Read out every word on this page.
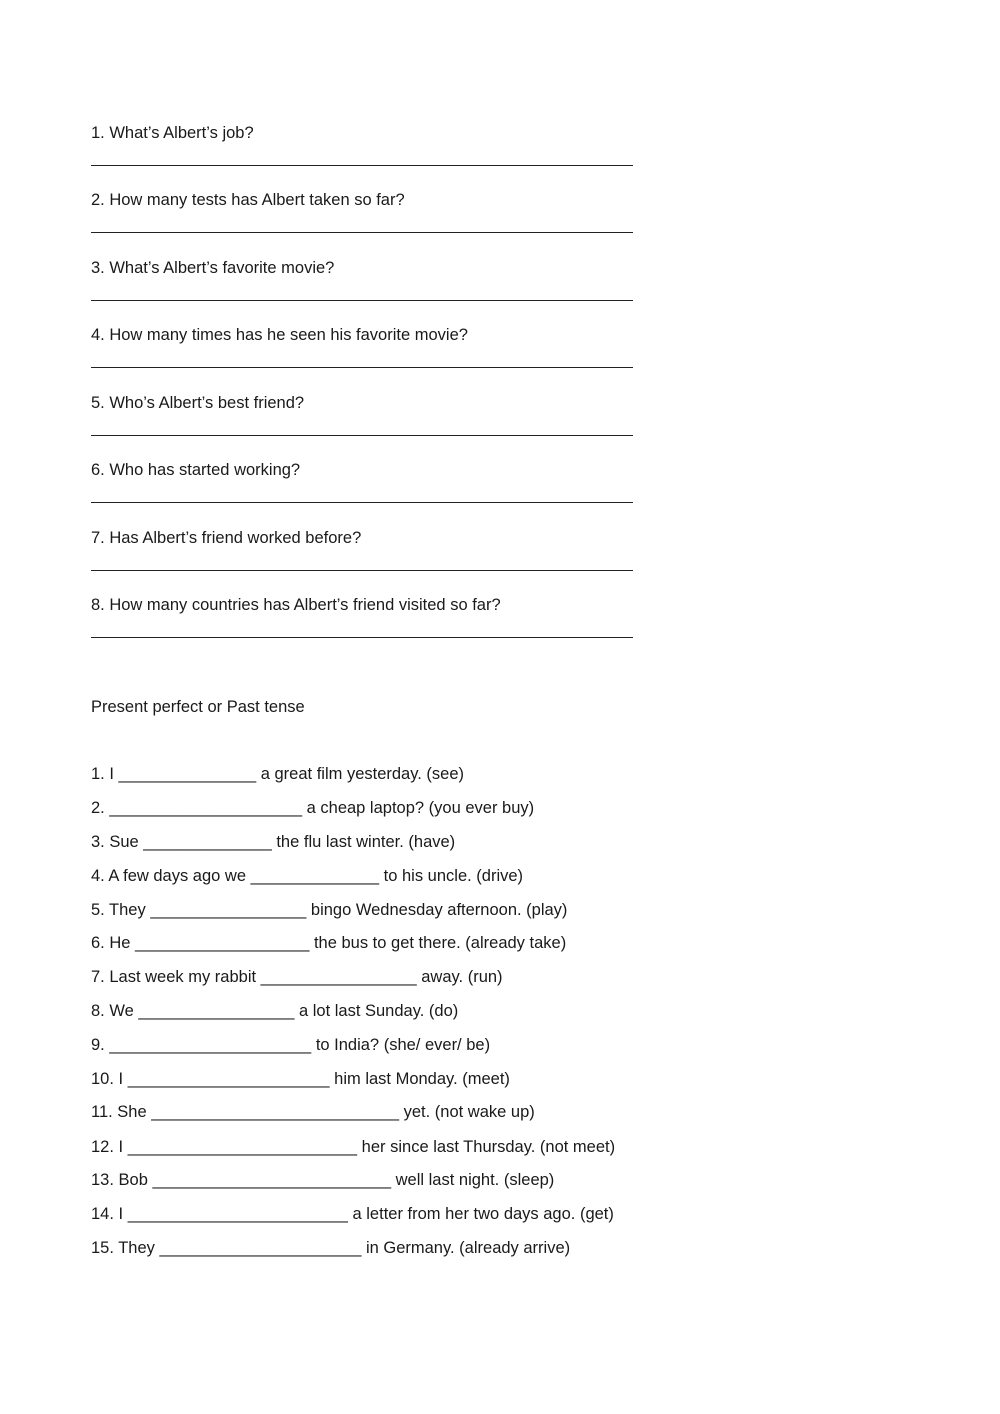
1. What’s Albert’s job?
2. How many tests has Albert taken so far?
3. What’s Albert’s favorite movie?
4. How many times has he seen his favorite movie?
5. Who’s Albert’s best friend?
6. Who has started working?
7. Has Albert’s friend worked before?
8. How many countries has Albert’s friend visited so far?
Present perfect or Past tense
1. I _______________ a great film yesterday. (see)
2. _____________________ a cheap laptop? (you ever buy)
3. Sue ______________ the flu last winter. (have)
4. A few days ago we ______________ to his uncle. (drive)
5. They _________________ bingo Wednesday afternoon. (play)
6. He ___________________ the bus to get there. (already take)
7. Last week my rabbit _________________ away. (run)
8. We _________________ a lot last Sunday. (do)
9. ______________________ to India? (she/ ever/ be)
10. I ______________________ him last Monday. (meet)
11. She ___________________________ yet. (not wake up)
12. I _________________________ her since last Thursday. (not meet)
13. Bob __________________________ well last night. (sleep)
14. I ________________________ a letter from her two days ago. (get)
15. They ______________________ in Germany. (already arrive)
